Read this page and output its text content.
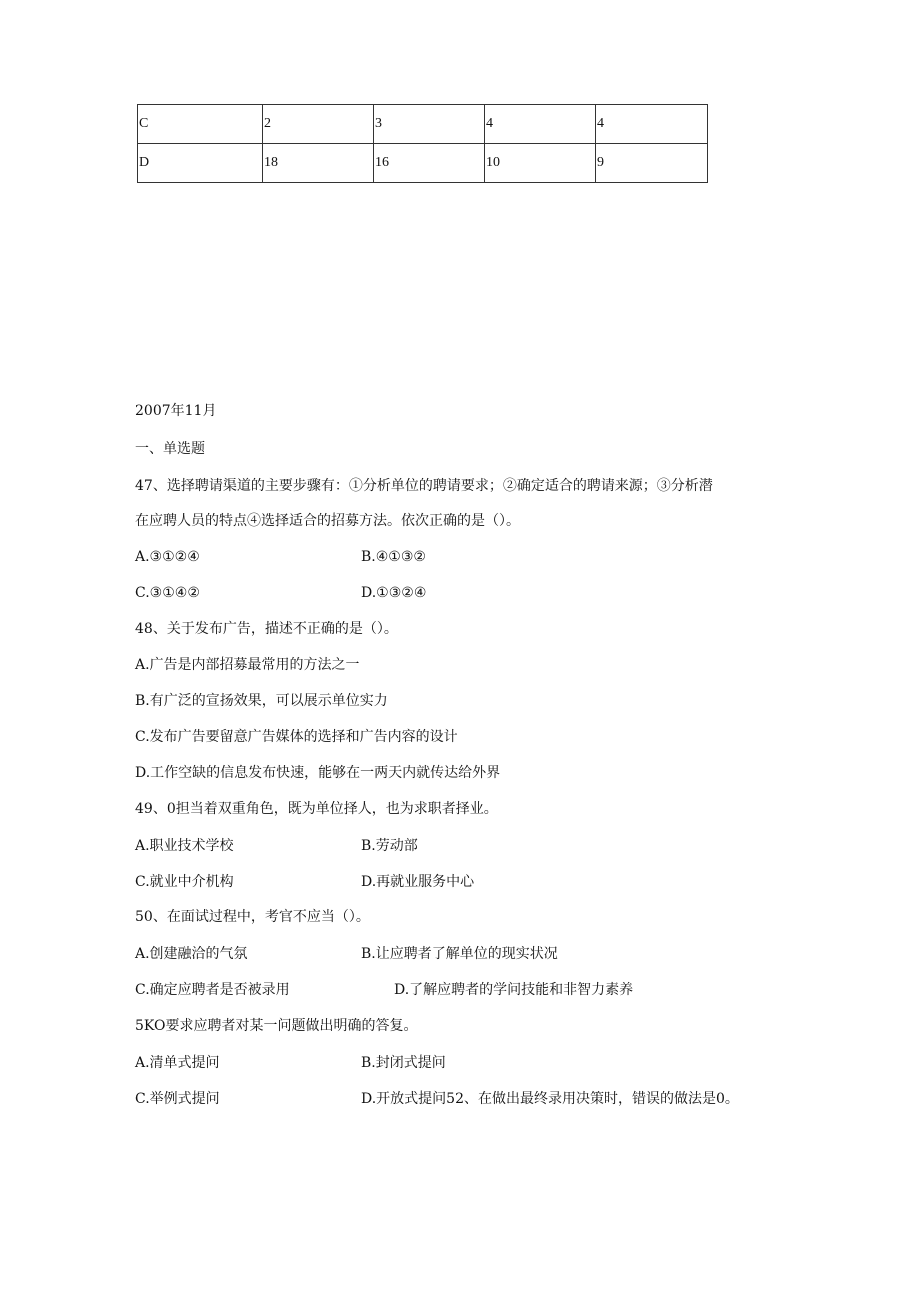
C	2	3	4	4
D	18	16	10	9
2007年11月
一、单选题
47、选择聘请渠道的主要步骤有：①分析单位的聘请要求；②确定适合的聘请来源；③分析潜
在应聘人员的特点④选择适合的招募方法。依次正确的是（）。
A.③①②④	B.④①③②
C.③①④②	D.①③②④
48、关于发布广告，描述不正确的是（）。
A.广告是内部招募最常用的方法之一
B.有广泛的宣扬效果，可以展示单位实力
C.发布广告要留意广告媒体的选择和广告内容的设计
D.工作空缺的信息发布快速，能够在一两天内就传达给外界
49、0担当着双重角色，既为单位择人，也为求职者择业。
A.职业技术学校	B.劳动部
C.就业中介机构	D.再就业服务中心
50、在面试过程中，考官不应当（）。
A.创建融洽的气氛	B.让应聘者了解单位的现实状况
C.确定应聘者是否被录用	D.了解应聘者的学问技能和非智力素养
5KO要求应聘者对某一问题做出明确的答复。
A.清单式提问	B.封闭式提问
C.举例式提问	D.开放式提问52、在做出最终录用决策时，错误的做法是0。
